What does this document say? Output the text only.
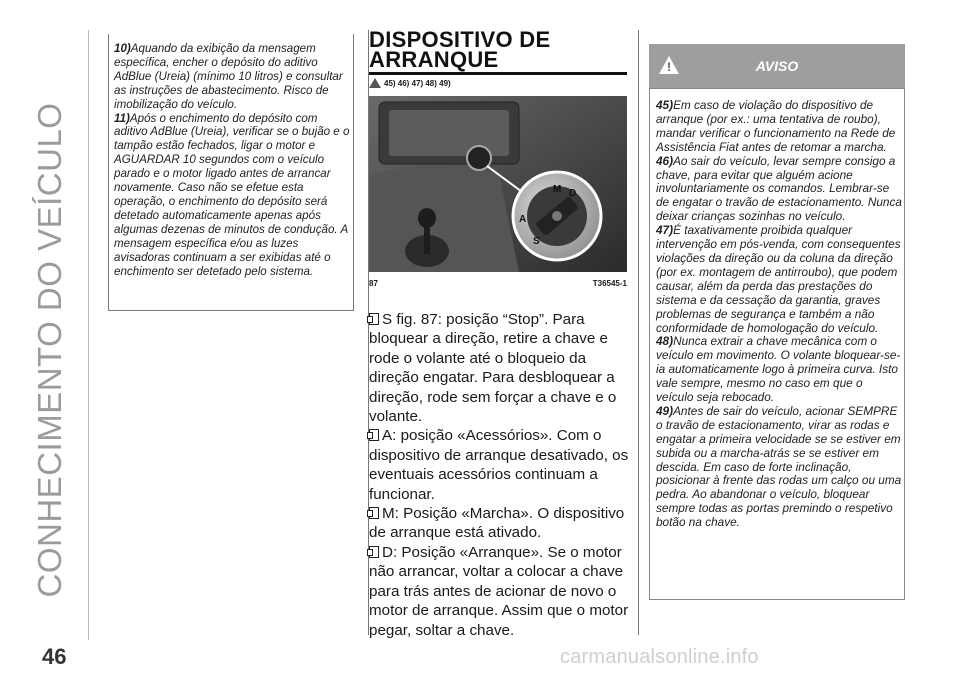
CONHECIMENTO DO VEÍCULO
46
10)Aquando da exibição da mensagem específica, encher o depósito do aditivo AdBlue (Ureia) (mínimo 10 litros) e consultar as instruções de abastecimento. Risco de imobilização do veículo.
11)Após o enchimento do depósito com aditivo AdBlue (Ureia), verificar se o bujão e o tampão estão fechados, ligar o motor e AGUARDAR 10 segundos com o veículo parado e o motor ligado antes de arrancar novamente. Caso não se efetue esta operação, o enchimento do depósito será detetado automaticamente apenas após algumas dezenas de minutos de condução. A mensagem específica e/ou as luzes avisadoras continuam a ser exibidas até o enchimento ser detetado pelo sistema.
DISPOSITIVO DE
ARRANQUE
45) 46) 47) 48) 49)
M D
A
S
87	T36545-1

S fig. 87: posição “Stop”. Para bloquear a direção, retire a chave e rode o volante até o bloqueio da direção engatar. Para desbloquear a direção, rode sem forçar a chave e o volante.

A: posição «Acessórios». Com o dispositivo de arranque desativado, os eventuais acessórios continuam a funcionar.

M: Posição «Marcha». O dispositivo de arranque está ativado.

D: Posição «Arranque». Se o motor não arrancar, voltar a colocar a chave para trás antes de acionar de novo o motor de arranque. Assim que o motor pegar, soltar a chave.

!	AVISO
45)Em caso de violação do dispositivo de arranque (por ex.: uma tentativa de roubo), mandar verificar o funcionamento na Rede de Assistência Fiat antes de retomar a marcha.
46)Ao sair do veículo, levar sempre consigo a chave, para evitar que alguém acione involuntariamente os comandos. Lembrar-se de engatar o travão de estacionamento. Nunca deixar crianças sozinhas no veículo.
47)É taxativamente proibida qualquer intervenção em pós-venda, com consequentes violações da direção ou da coluna da direção (por ex. montagem de antirroubo), que podem causar, além da perda das prestações do sistema e da cessação da garantia, graves problemas de segurança e também a não conformidade de homologação do veículo.
48)Nunca extrair a chave mecânica com o veículo em movimento. O volante bloquear-se-ia automaticamente logo à primeira curva. Isto vale sempre, mesmo no caso em que o veículo seja rebocado.
49)Antes de sair do veículo, acionar SEMPRE o travão de estacionamento, virar as rodas e engatar a primeira velocidade se se estiver em subida ou a marcha-atrás se se estiver em descida. Em caso de forte inclinação, posicionar à frente das rodas um calço ou uma pedra. Ao abandonar o veículo, bloquear sempre todas as portas premindo o respetivo botão na chave.
carmanualsonline.info
